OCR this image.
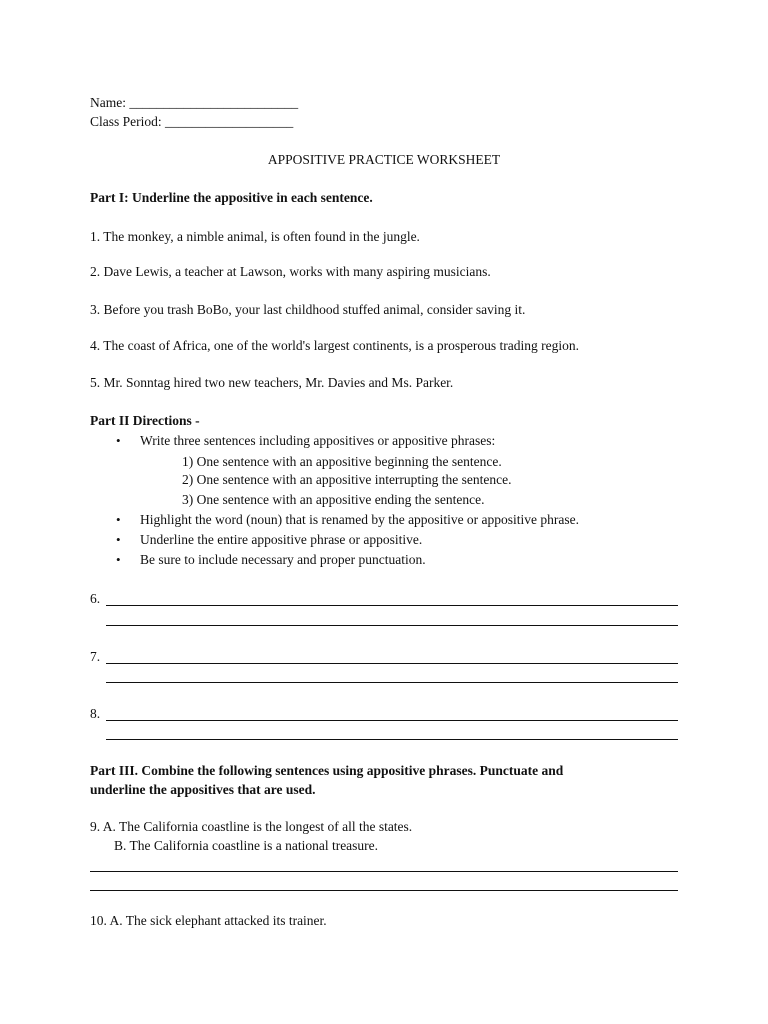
Name: _________________________
Class Period: ___________________
APPOSITIVE PRACTICE WORKSHEET
Part I: Underline the appositive in each sentence.
1. The monkey, a nimble animal, is often found in the jungle.
2. Dave Lewis, a teacher at Lawson, works with many aspiring musicians.
3. Before you trash BoBo, your last childhood stuffed animal, consider saving it.
4. The coast of Africa, one of the world's largest continents, is a prosperous trading region.
5. Mr. Sonntag hired two new teachers, Mr. Davies and Ms. Parker.
Part II Directions -
• Write three sentences including appositives or appositive phrases:
1) One sentence with an appositive beginning the sentence.
2) One sentence with an appositive interrupting the sentence.
3) One sentence with an appositive ending the sentence.
• Highlight the word (noun) that is renamed by the appositive or appositive phrase.
• Underline the entire appositive phrase or appositive.
• Be sure to include necessary and proper punctuation.
6.
7.
8.
Part III. Combine the following sentences using appositive phrases. Punctuate and
underline the appositives that are used.
9. A. The California coastline is the longest of all the states.
B. The California coastline is a national treasure.
10. A. The sick elephant attacked its trainer.
